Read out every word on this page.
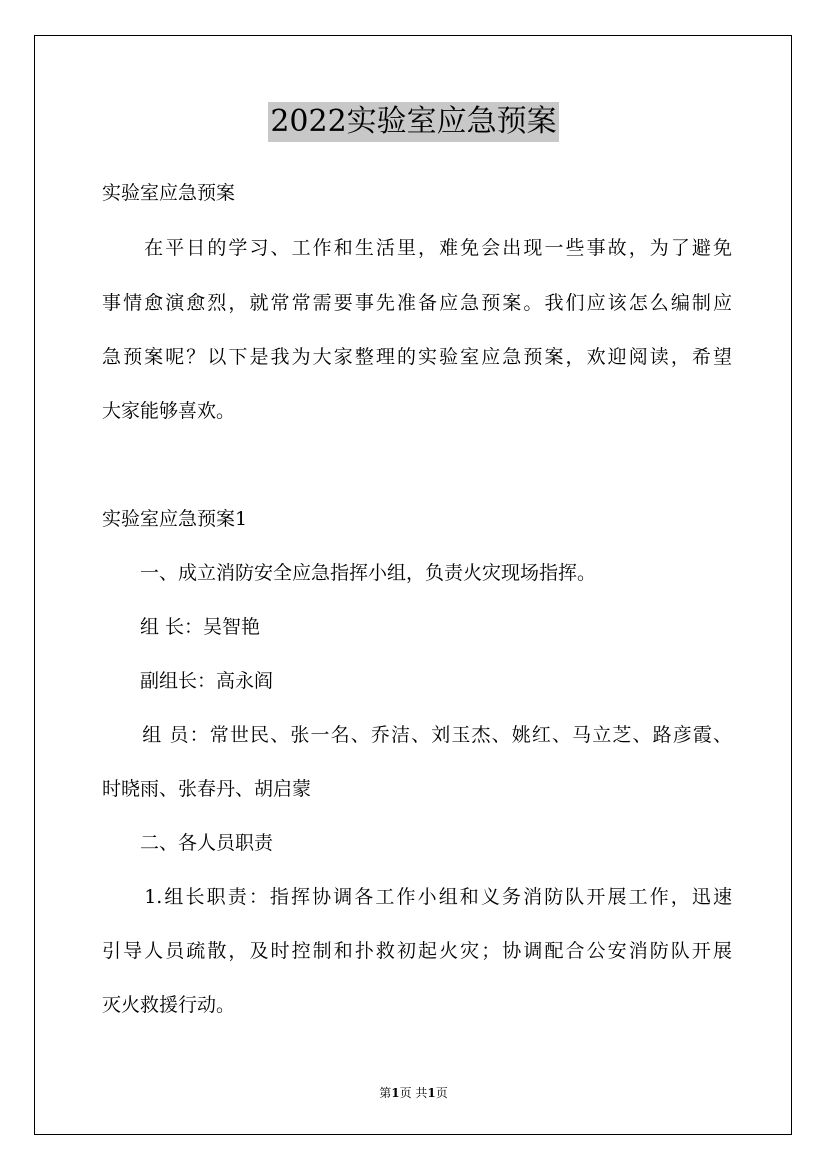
2022实验室应急预案
实验室应急预案
　　在平日的学习、工作和生活里，难免会出现一些事故，为了避免
事情愈演愈烈，就常常需要事先准备应急预案。我们应该怎么编制应
急预案呢？以下是我为大家整理的实验室应急预案，欢迎阅读，希望
大家能够喜欢。
实验室应急预案1
　　一、成立消防安全应急指挥小组，负责火灾现场指挥。
　　组 长：吴智艳
　　副组长：高永阎
　　组 员：常世民、张一名、乔洁、刘玉杰、姚红、马立芝、路彦霞、
时晓雨、张春丹、胡启蒙
　　二、各人员职责
　　1.组长职责：指挥协调各工作小组和义务消防队开展工作，迅速
引导人员疏散，及时控制和扑救初起火灾；协调配合公安消防队开展
灭火救援行动。
第1页 共1页
